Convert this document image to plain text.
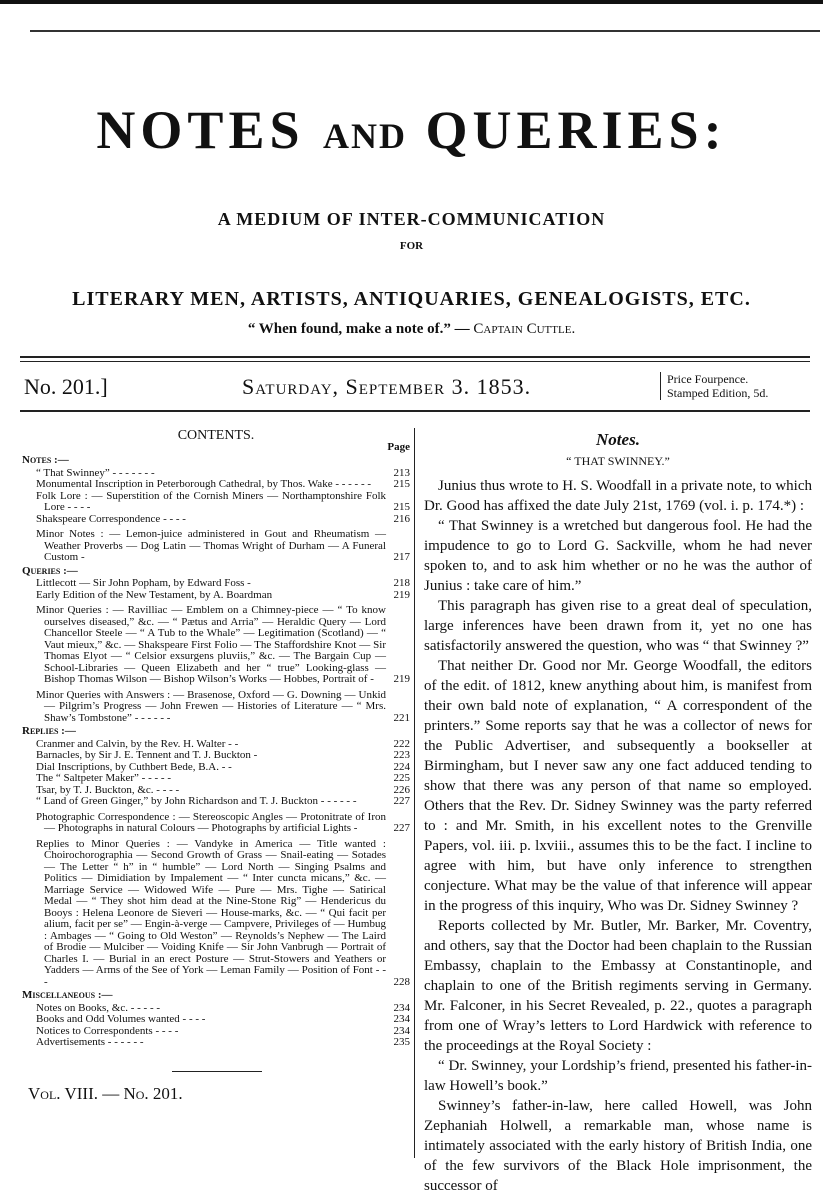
NOTES AND QUERIES:
A MEDIUM OF INTER-COMMUNICATION
FOR
LITERARY MEN, ARTISTS, ANTIQUARIES, GENEALOGISTS, ETC.
“ When found, make a note of.” — Captain Cuttle.
No. 201.]	Saturday, September 3. 1853.	Price Fourpence.
Stamped Edition, 5d.
CONTENTS.
Page
Notes :—
“ That Swinney” - - - - - - -	213
Monumental Inscription in Peterborough Cathedral, by Thos. Wake - - - - - -	215
Folk Lore : — Superstition of the Cornish Miners — Northamptonshire Folk Lore - - - -	215
Shakspeare Correspondence - - - -	216
Minor Notes : — Lemon-juice administered in Gout and Rheumatism — Weather Proverbs — Dog Latin — Thomas Wright of Durham — A Funeral Custom -	217
Queries :—
Littlecott — Sir John Popham, by Edward Foss -	218
Early Edition of the New Testament, by A. Boardman	219
Minor Queries : — Ravilliac — Emblem on a Chimney-piece — “ To know ourselves diseased,” &c. — “ Pætus and Arria” — Heraldic Query — Lord Chancellor Steele — “ A Tub to the Whale” — Legitimation (Scotland) — “ Vaut mieux,” &c. — Shakspeare First Folio — The Staffordshire Knot — Sir Thomas Elyot — “ Celsior exsurgens pluviis,” &c. — The Bargain Cup — School-Libraries — Queen Elizabeth and her “ true” Looking-glass — Bishop Thomas Wilson — Bishop Wilson’s Works — Hobbes, Portrait of -	219
Minor Queries with Answers : — Brasenose, Oxford — G. Downing — Unkid — Pilgrim’s Progress — John Frewen — Histories of Literature — “ Mrs. Shaw’s Tombstone” - - - - - -	221
Replies :—
Cranmer and Calvin, by the Rev. H. Walter - -	222
Barnacles, by Sir J. E. Tennent and T. J. Buckton -	223
Dial Inscriptions, by Cuthbert Bede, B.A. - -	224
The “ Saltpeter Maker” - - - - -	225
Tsar, by T. J. Buckton, &c. - - - -	226
“ Land of Green Ginger,” by John Richardson and T. J. Buckton - - - - - -	227
Photographic Correspondence : — Stereoscopic Angles — Protonitrate of Iron — Photographs in natural Colours — Photographs by artificial Lights -	227
Replies to Minor Queries : — Vandyke in America — Title wanted : Choirochorographia — Second Growth of Grass — Snail-eating — Sotades — The Letter “ h” in “ humble” — Lord North — Singing Psalms and Politics — Dimidiation by Impalement — “ Inter cuncta micans,” &c. — Marriage Service — Widowed Wife — Pure — Mrs. Tighe — Satirical Medal — “ They shot him dead at the Nine-Stone Rig” — Hendericus du Booys : Helena Leonore de Sieveri — House-marks, &c. — “ Qui facit per alium, facit per se” — Engin-à-verge — Campvere, Privileges of — Humbug : Ambages — “ Going to Old Weston” — Reynolds’s Nephew — The Laird of Brodie — Mulciber — Voiding Knife — Sir John Vanbrugh — Portrait of Charles I. — Burial in an erect Posture — Strut-Stowers and Yeathers or Yadders — Arms of the See of York — Leman Family — Position of Font - - -	228
Miscellaneous :—
Notes on Books, &c. - - - - -	234
Books and Odd Volumes wanted - - - -	234
Notices to Correspondents - - - -	234
Advertisements - - - - - -	235
Vol. VIII. — No. 201.
Notes.
“ THAT SWINNEY.”

Junius thus wrote to H. S. Woodfall in a private note, to which Dr. Good has affixed the date July 21st, 1769 (vol. i. p. 174.*) :

“ That Swinney is a wretched but dangerous fool. He had the impudence to go to Lord G. Sackville, whom he had never spoken to, and to ask him whether or no he was the author of Junius : take care of him.”

This paragraph has given rise to a great deal of speculation, large inferences have been drawn from it, yet no one has satisfactorily answered the question, who was “ that Swinney ?”

That neither Dr. Good nor Mr. George Woodfall, the editors of the edit. of 1812, knew anything about him, is manifest from their own bald note of explanation, “ A correspondent of the printers.” Some reports say that he was a collector of news for the Public Advertiser, and subsequently a bookseller at Birmingham, but I never saw any one fact adduced tending to show that there was any person of that name so employed. Others that the Rev. Dr. Sidney Swinney was the party referred to : and Mr. Smith, in his excellent notes to the Grenville Papers, vol. iii. p. lxviii., assumes this to be the fact. I incline to agree with him, but have only inference to strengthen conjecture. What may be the value of that inference will appear in the progress of this inquiry, Who was Dr. Sidney Swinney ?

Reports collected by Mr. Butler, Mr. Barker, Mr. Coventry, and others, say that the Doctor had been chaplain to the Russian Embassy, chaplain to the Embassy at Constantinople, and chaplain to one of the British regiments serving in Germany. Mr. Falconer, in his Secret Revealed, p. 22., quotes a paragraph from one of Wray’s letters to Lord Hardwick with reference to the proceedings at the Royal Society :

“ Dr. Swinney, your Lordship’s friend, presented his father-in-law Howell’s book.”

Swinney’s father-in-law, here called Howell, was John Zephaniah Holwell, a remarkable man, whose name is intimately associated with the early history of British India, one of the few survivors of the Black Hole imprisonment, the successor of
